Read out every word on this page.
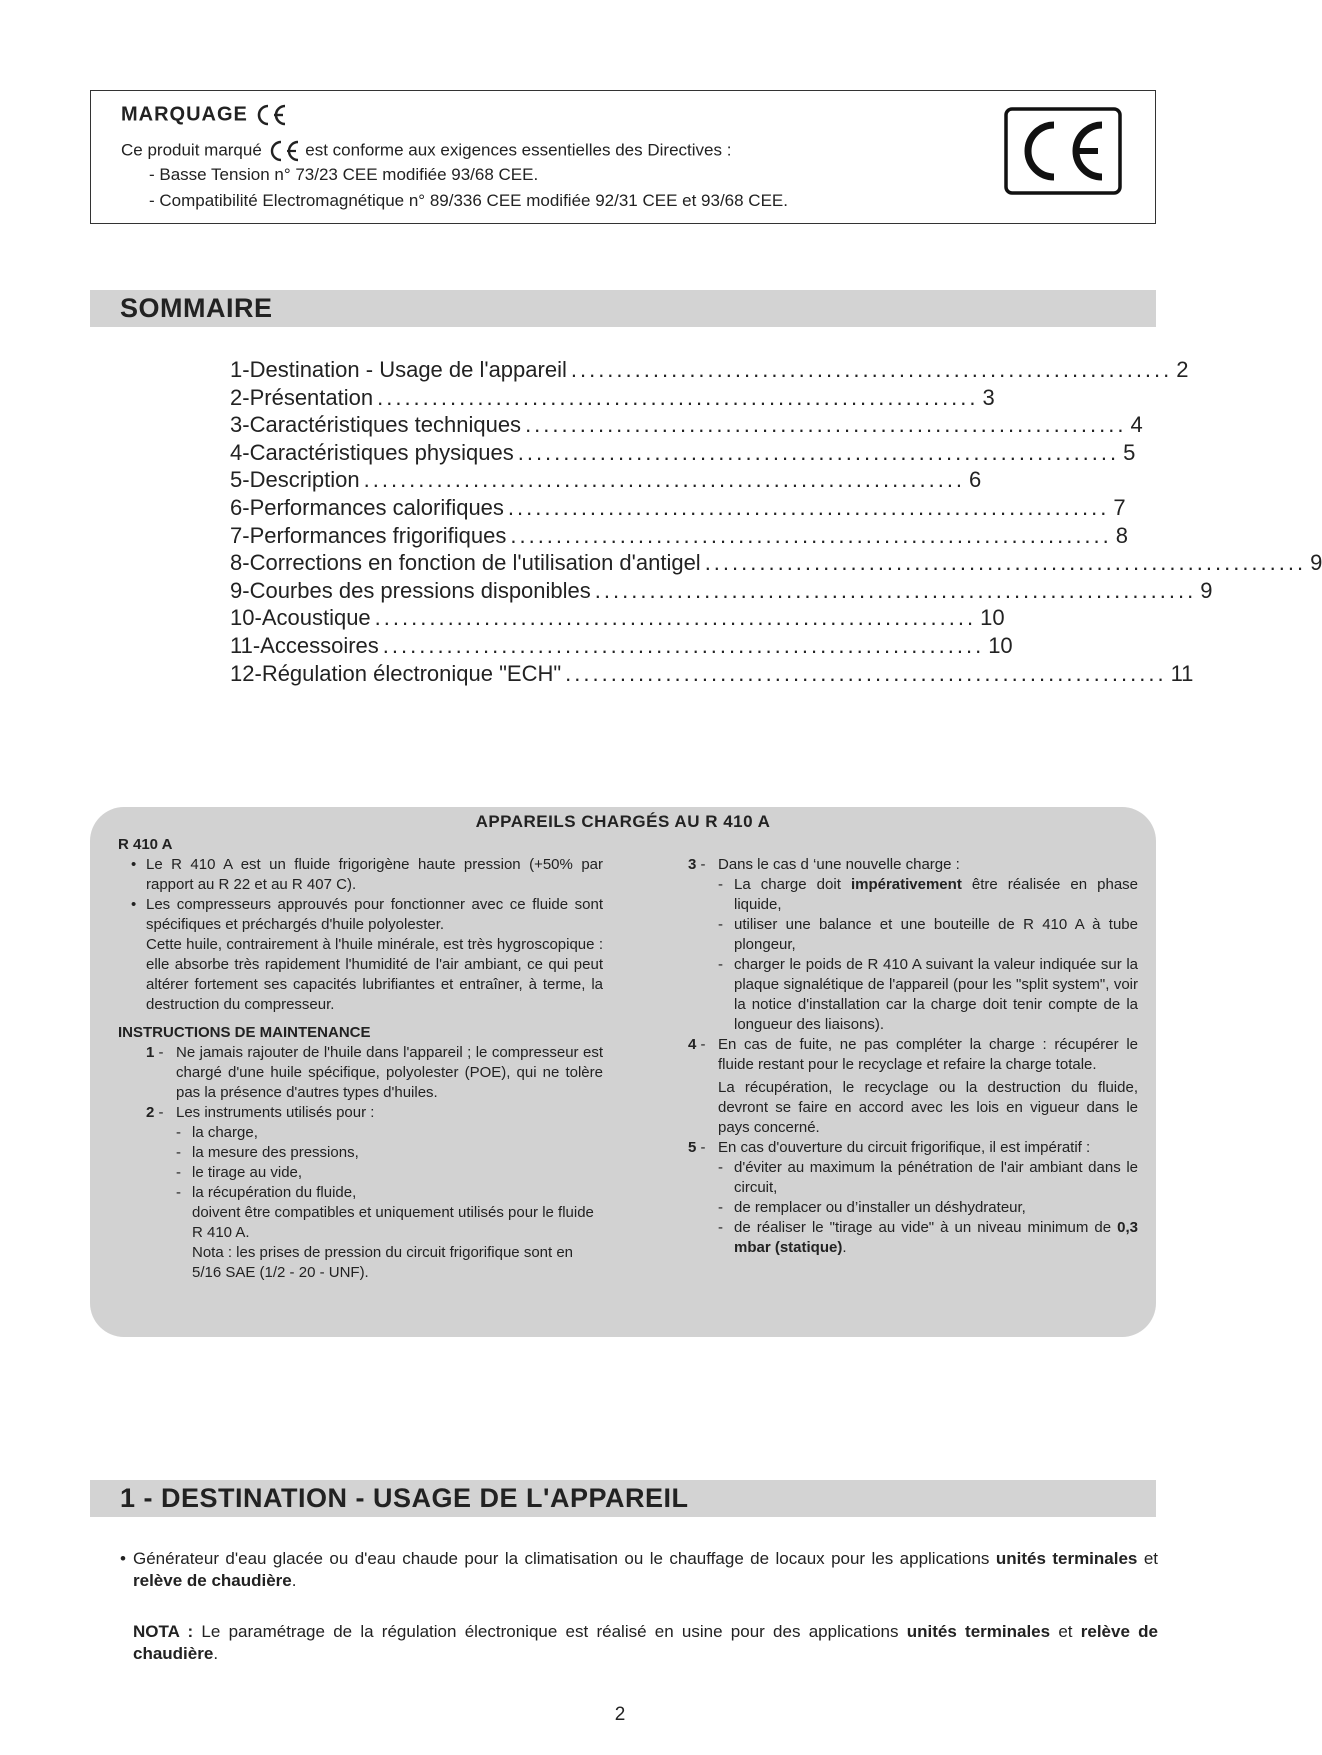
MARQUAGE
Ce produit marqué	est conforme aux exigences essentielles des Directives :
- Basse Tension n° 73/23 CEE modifiée 93/68 CEE.
- Compatibilité Electromagnétique n° 89/336 CEE modifiée 92/31 CEE et 93/68 CEE.
SOMMAIRE
1 - Destination - Usage de l'appareil .................................................................. 2
2 - Présentation .................................................................. 3
3 - Caractéristiques techniques .................................................................. 4
4 - Caractéristiques physiques .................................................................. 5
5 - Description .................................................................. 6
6 - Performances calorifiques .................................................................. 7
7 - Performances frigorifiques .................................................................. 8
8 - Corrections en fonction de l'utilisation d'antigel .................................................................. 9
9 - Courbes des pressions disponibles .................................................................. 9
10 - Acoustique .................................................................. 10
11 - Accessoires .................................................................. 10
12 - Régulation électronique "ECH" .................................................................. 11
APPAREILS CHARGÉS AU R 410 A
R 410 A
• Le R 410 A est un fluide frigorigène haute pression (+50% par rapport au R 22 et au R 407 C).
• Les compresseurs approuvés pour fonctionner avec ce fluide sont spécifiques et préchargés d'huile polyolester.
Cette huile, contrairement à l'huile minérale, est très hygroscopique : elle absorbe très rapidement l'humidité de l'air ambiant, ce qui peut altérer fortement ses capacités lubrifiantes et entraîner, à terme, la destruction du compresseur.
INSTRUCTIONS DE MAINTENANCE
1 - Ne jamais rajouter de l'huile dans l'appareil ; le compresseur est chargé d'une huile spécifique, polyolester (POE), qui ne tolère pas la présence d'autres types d'huiles.
2 - Les instruments utilisés pour :
- la charge,
- la mesure des pressions,
- le tirage au vide,
- la récupération du fluide,
doivent être compatibles et uniquement utilisés pour le fluide R 410 A.
Nota : les prises de pression du circuit frigorifique sont en 5/16 SAE (1/2 - 20 - UNF).
3 - Dans le cas d ‘une nouvelle charge :
- La charge doit impérativement être réalisée en phase liquide,
- utiliser une balance et une bouteille de R 410 A à tube plongeur,
- charger le poids de R 410 A suivant la valeur indiquée sur la plaque signalétique de l'appareil (pour les "split system", voir la notice d'installation car la charge doit tenir compte de la longueur des liaisons).
4 - En cas de fuite, ne pas compléter la charge : récupérer le fluide restant pour le recyclage et refaire la charge totale.
La récupération, le recyclage ou la destruction du fluide, devront se faire en accord avec les lois en vigueur dans le pays concerné.
5 - En cas d'ouverture du circuit frigorifique, il est impératif :
- d'éviter au maximum la pénétration de l'air ambiant dans le circuit,
- de remplacer ou d’installer un déshydrateur,
- de réaliser le "tirage au vide" à un niveau minimum de 0,3 mbar (statique).
1 - DESTINATION - USAGE DE L'APPAREIL
• Générateur d'eau glacée ou d'eau chaude pour la climatisation ou le chauffage de locaux pour les applications unités terminales et relève de chaudière.
NOTA : Le paramétrage de la régulation électronique est réalisé en usine pour des applications unités terminales et relève de chaudière.
2
